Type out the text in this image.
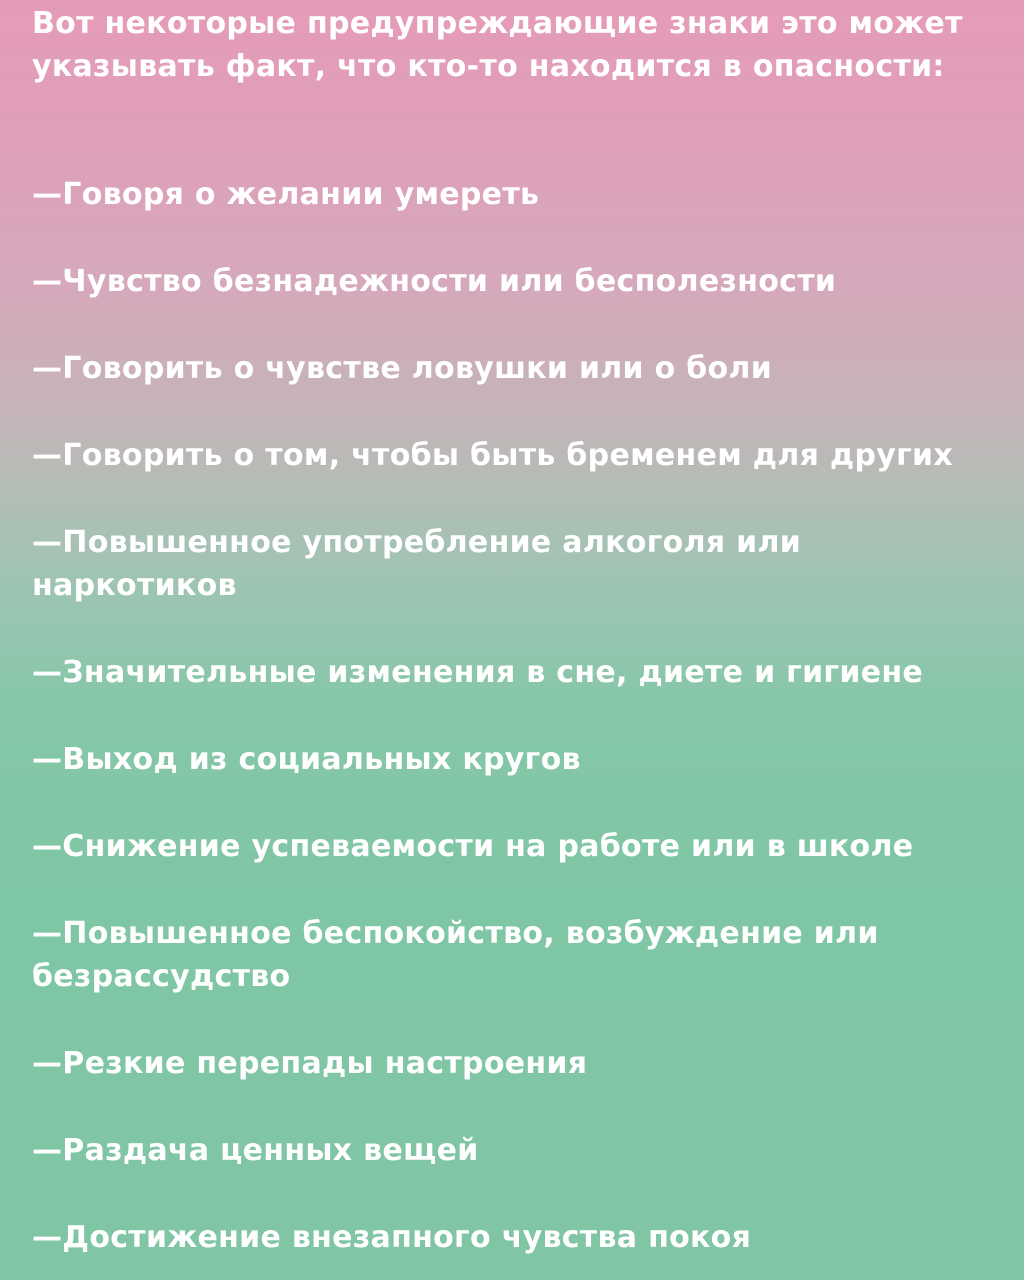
Вот некоторые предупреждающие знаки это может указывать факт, что кто-то находится в опасности:
—Говоря о желании умереть
—Чувство безнадежности или бесполезности
—Говорить о чувстве ловушки или о боли
—Говорить о том, чтобы быть бременем для других
—Повышенное употребление алкоголя или наркотиков
—Значительные изменения в сне, диете и гигиене
—Выход из социальных кругов
—Снижение успеваемости на работе или в школе
—Повышенное беспокойство, возбуждение или безрассудство
—Резкие перепады настроения
—Раздача ценных вещей
—Достижение внезапного чувства покоя
